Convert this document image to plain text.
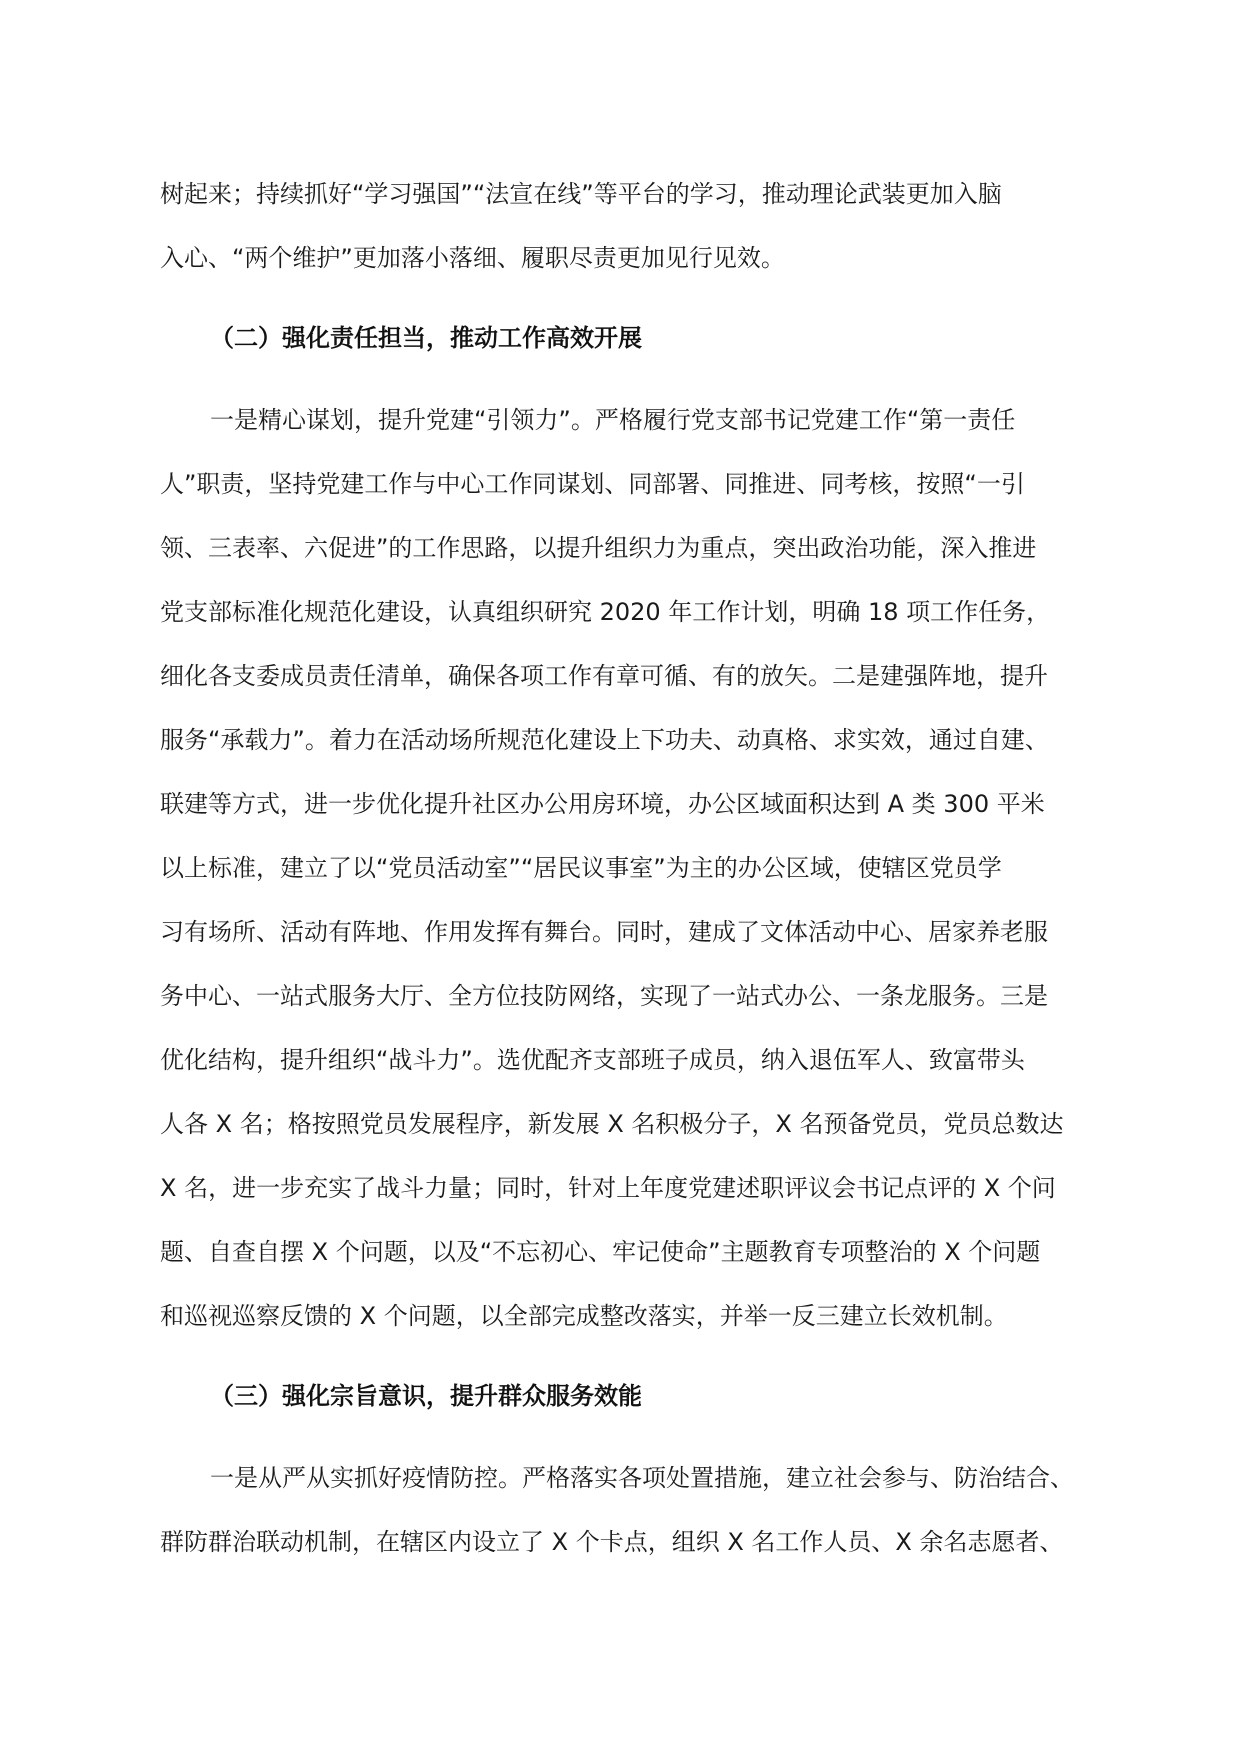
树起来；持续抓好“学习强国”“法宣在线”等平台的学习，推动理论武装更加入脑
入心、“两个维护”更加落小落细、履职尽责更加见行见效。
（二）强化责任担当，推动工作高效开展
一是精心谋划，提升党建“引领力”。严格履行党支部书记党建工作“第一责任
人”职责，坚持党建工作与中心工作同谋划、同部署、同推进、同考核，按照“一引
领、三表率、六促进”的工作思路，以提升组织力为重点，突出政治功能，深入推进
党支部标准化规范化建设，认真组织研究 2020 年工作计划，明确 18 项工作任务，
细化各支委成员责任清单，确保各项工作有章可循、有的放矢。二是建强阵地，提升
服务“承载力”。着力在活动场所规范化建设上下功夫、动真格、求实效，通过自建、
联建等方式，进一步优化提升社区办公用房环境，办公区域面积达到 A 类 300 平米
以上标准，建立了以“党员活动室”“居民议事室”为主的办公区域，使辖区党员学
习有场所、活动有阵地、作用发挥有舞台。同时，建成了文体活动中心、居家养老服
务中心、一站式服务大厅、全方位技防网络，实现了一站式办公、一条龙服务。三是
优化结构，提升组织“战斗力”。选优配齐支部班子成员，纳入退伍军人、致富带头
人各 X 名；格按照党员发展程序，新发展 X 名积极分子，X 名预备党员，党员总数达
X 名，进一步充实了战斗力量；同时，针对上年度党建述职评议会书记点评的 X 个问
题、自查自摆 X 个问题，以及“不忘初心、牢记使命”主题教育专项整治的 X 个问题
和巡视巡察反馈的 X 个问题，以全部完成整改落实，并举一反三建立长效机制。
（三）强化宗旨意识，提升群众服务效能
一是从严从实抓好疫情防控。严格落实各项处置措施，建立社会参与、防治结合、
群防群治联动机制，在辖区内设立了 X 个卡点，组织 X 名工作人员、X 余名志愿者、
